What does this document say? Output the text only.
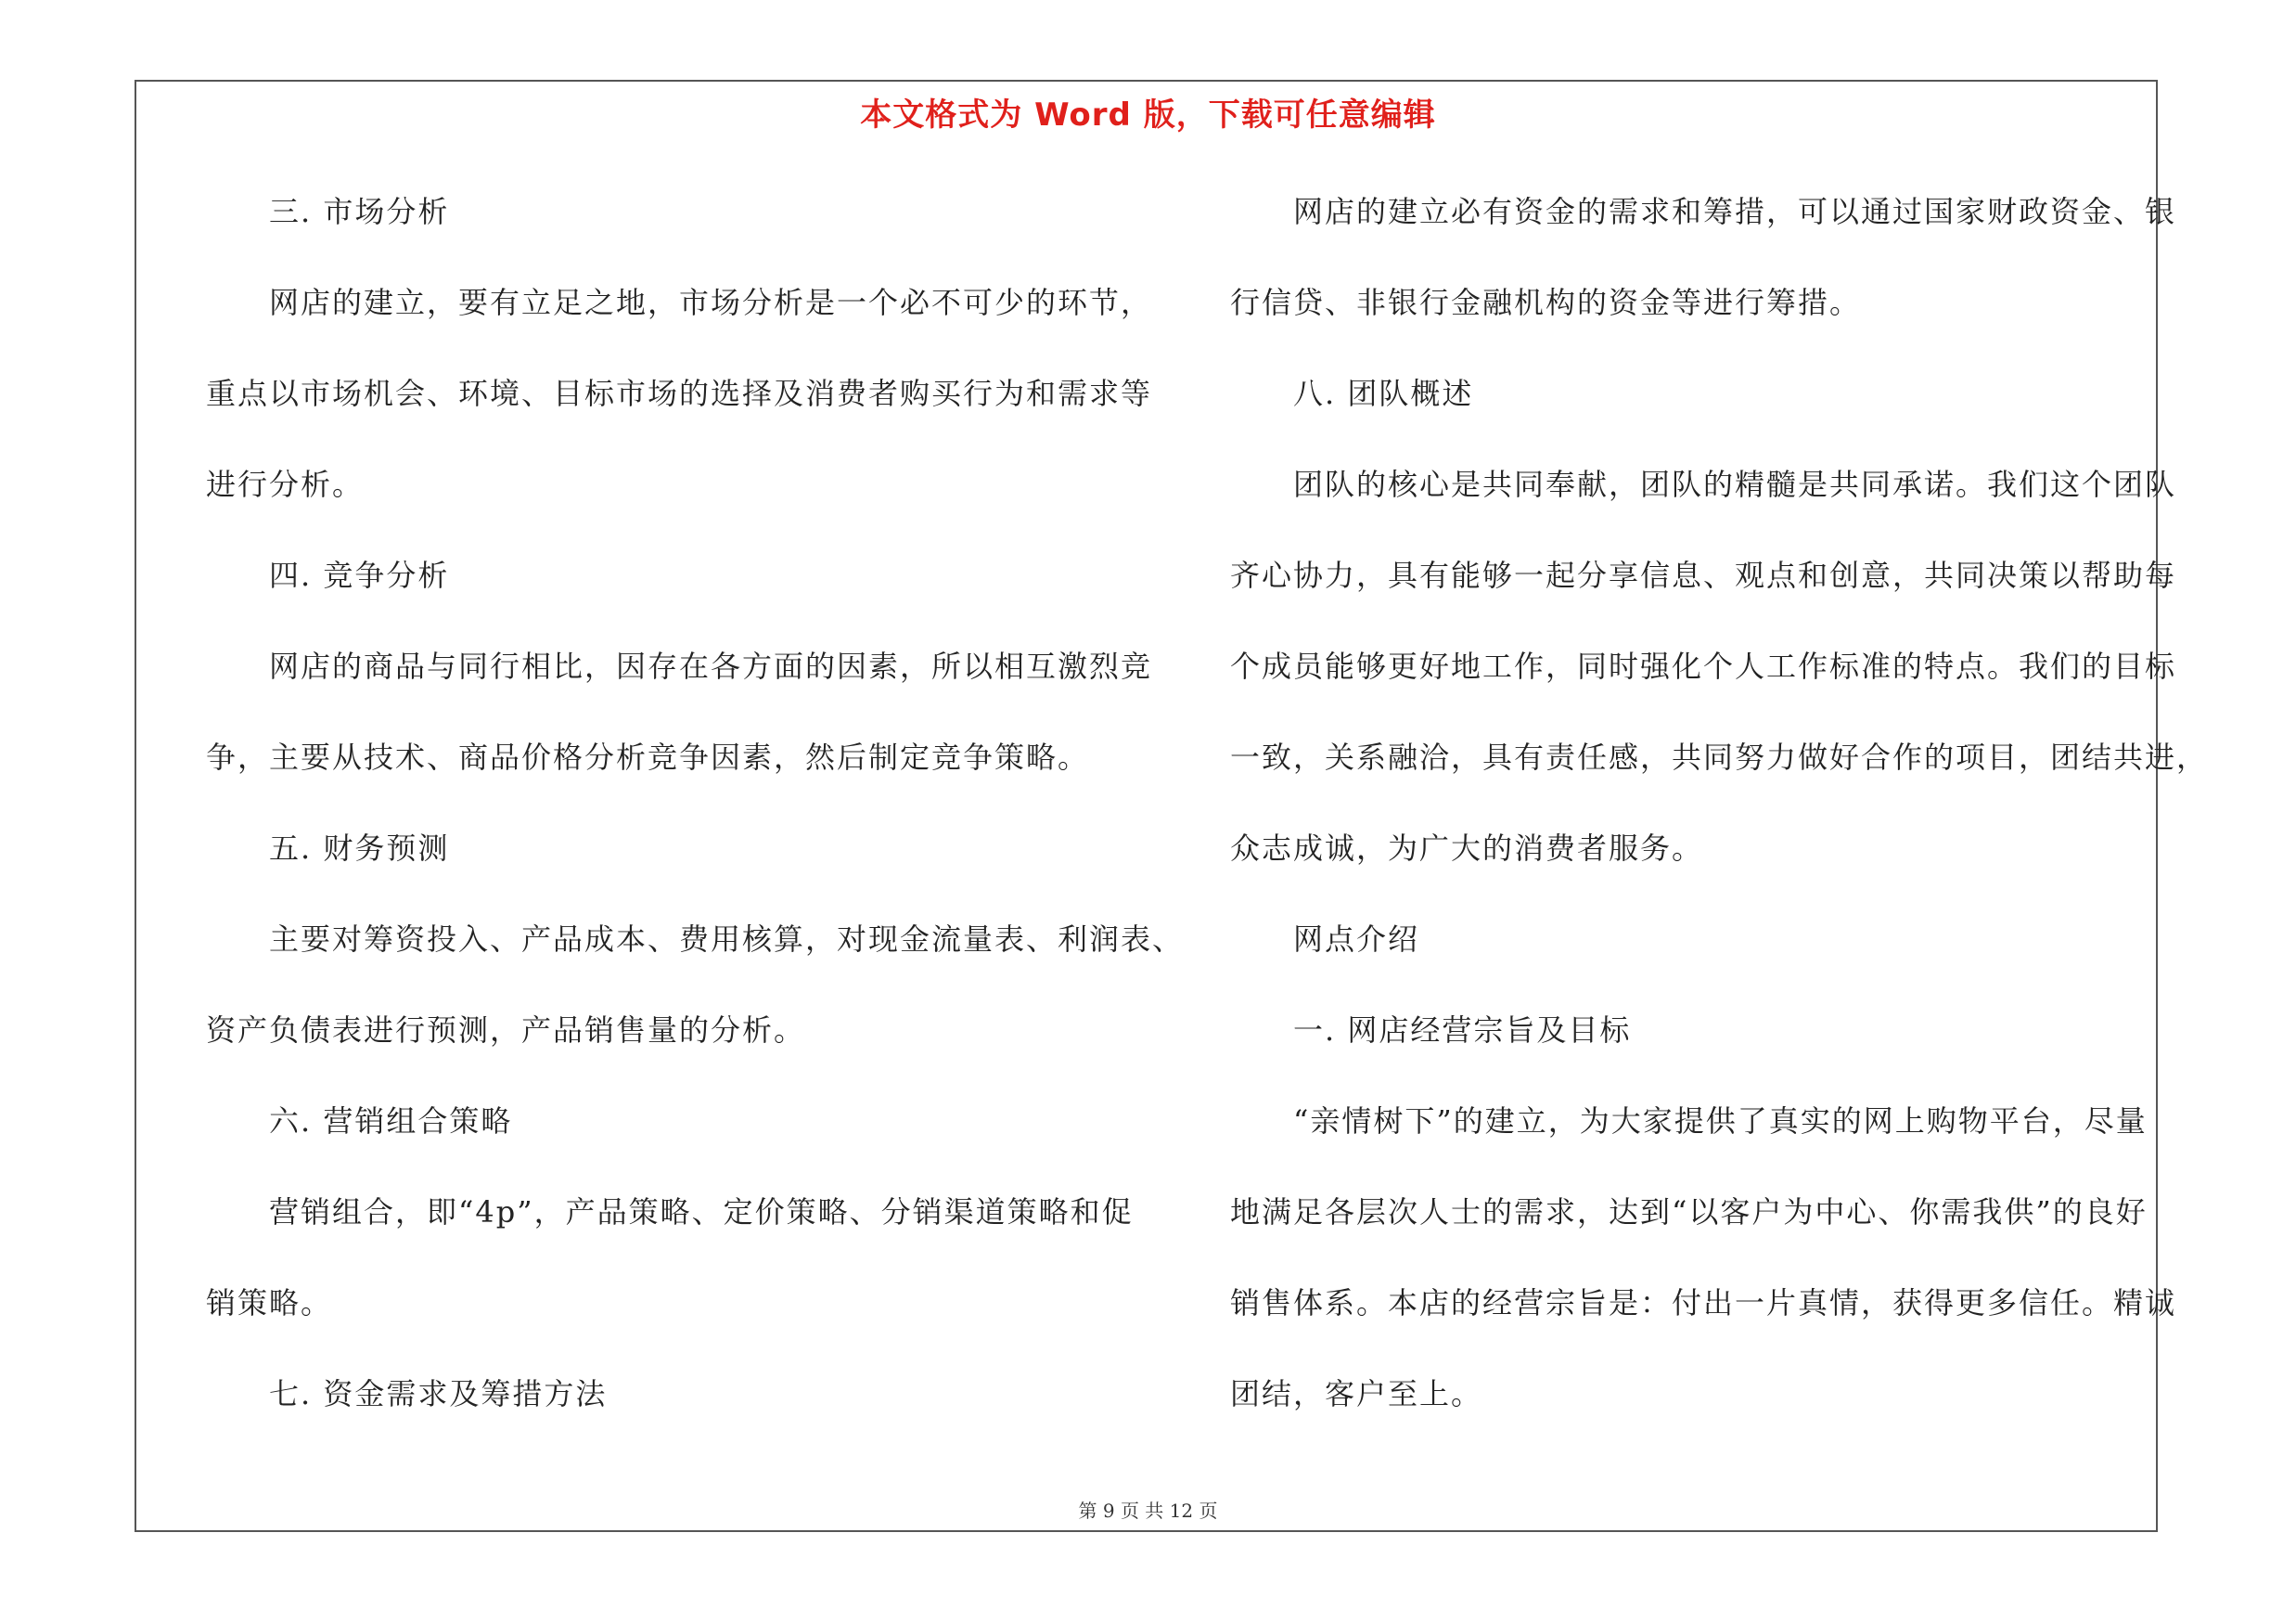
本文格式为 Word 版，下载可任意编辑
三. 市场分析
网店的建立，要有立足之地，市场分析是一个必不可少的环节，
重点以市场机会、环境、目标市场的选择及消费者购买行为和需求等
进行分析。
四. 竞争分析
网店的商品与同行相比，因存在各方面的因素，所以相互激烈竞
争，主要从技术、商品价格分析竞争因素，然后制定竞争策略。
五. 财务预测
主要对筹资投入、产品成本、费用核算，对现金流量表、利润表、
资产负债表进行预测，产品销售量的分析。
六. 营销组合策略
营销组合，即“4p”，产品策略、定价策略、分销渠道策略和促
销策略。
七. 资金需求及筹措方法
网店的建立必有资金的需求和筹措，可以通过国家财政资金、银
行信贷、非银行金融机构的资金等进行筹措。
八. 团队概述
团队的核心是共同奉献，团队的精髓是共同承诺。我们这个团队
齐心协力，具有能够一起分享信息、观点和创意，共同决策以帮助每
个成员能够更好地工作，同时强化个人工作标准的特点。我们的目标
一致，关系融洽，具有责任感，共同努力做好合作的项目，团结共进，
众志成诚，为广大的消费者服务。
网点介绍
一. 网店经营宗旨及目标
“亲情树下”的建立，为大家提供了真实的网上购物平台，尽量
地满足各层次人士的需求，达到“以客户为中心、你需我供”的良好
销售体系。本店的经营宗旨是：付出一片真情，获得更多信任。精诚
团结，客户至上。
第 9 页 共 12 页
